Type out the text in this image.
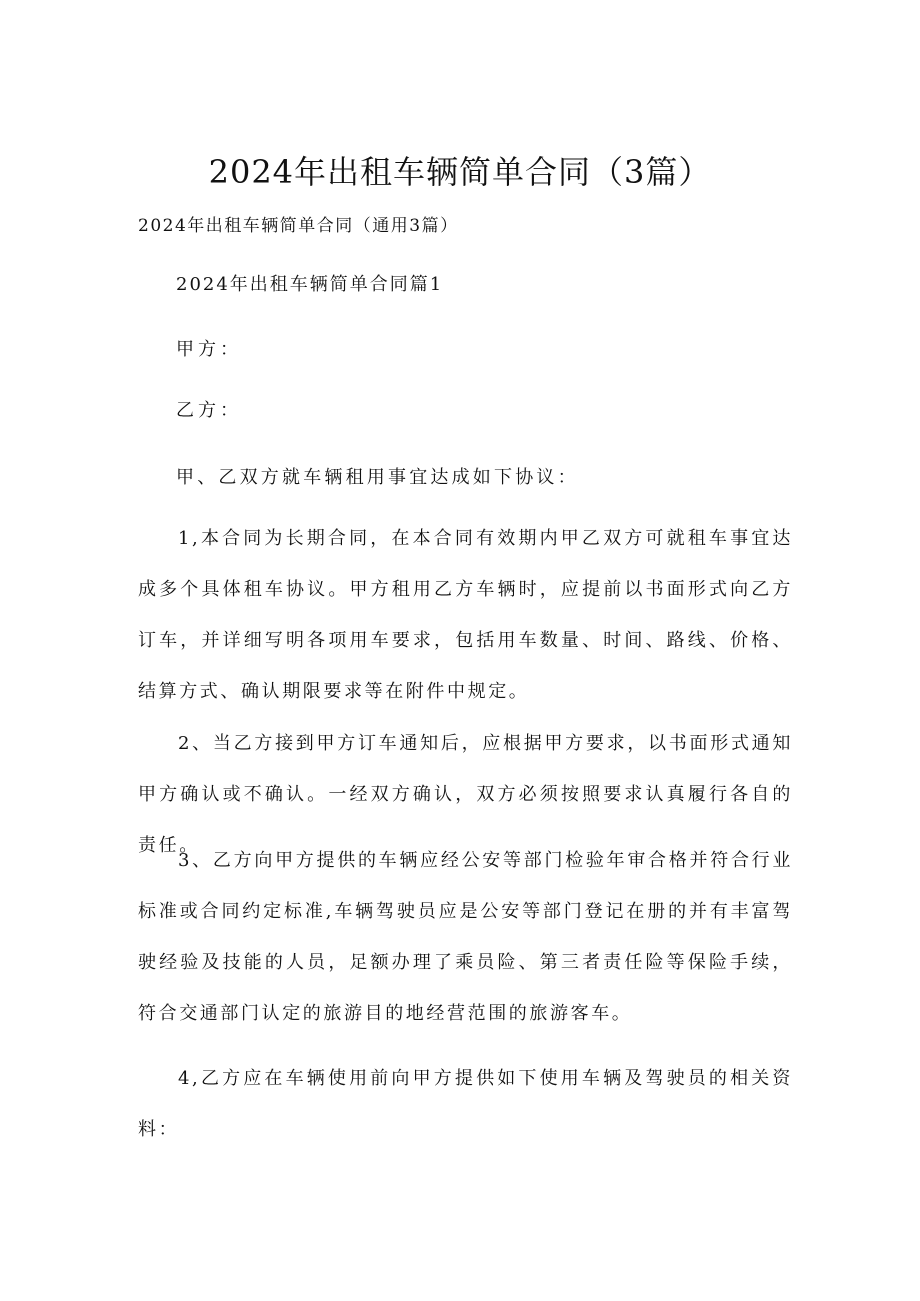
2024年出租车辆简单合同（3篇）
2024年出租车辆简单合同（通用3篇）
2024年出租车辆简单合同篇1
甲方：
乙方：
甲、乙双方就车辆租用事宜达成如下协议：
1,本合同为长期合同，在本合同有效期内甲乙双方可就租车事宜达成多个具体租车协议。甲方租用乙方车辆时，应提前以书面形式向乙方订车，并详细写明各项用车要求，包括用车数量、时间、路线、价格、结算方式、确认期限要求等在附件中规定。
2、当乙方接到甲方订车通知后，应根据甲方要求，以书面形式通知甲方确认或不确认。一经双方确认，双方必须按照要求认真履行各自的责任。
3、乙方向甲方提供的车辆应经公安等部门检验年审合格并符合行业标准或合同约定标准,车辆驾驶员应是公安等部门登记在册的并有丰富驾驶经验及技能的人员，足额办理了乘员险、第三者责任险等保险手续，符合交通部门认定的旅游目的地经营范围的旅游客车。
4,乙方应在车辆使用前向甲方提供如下使用车辆及驾驶员的相关资料：
